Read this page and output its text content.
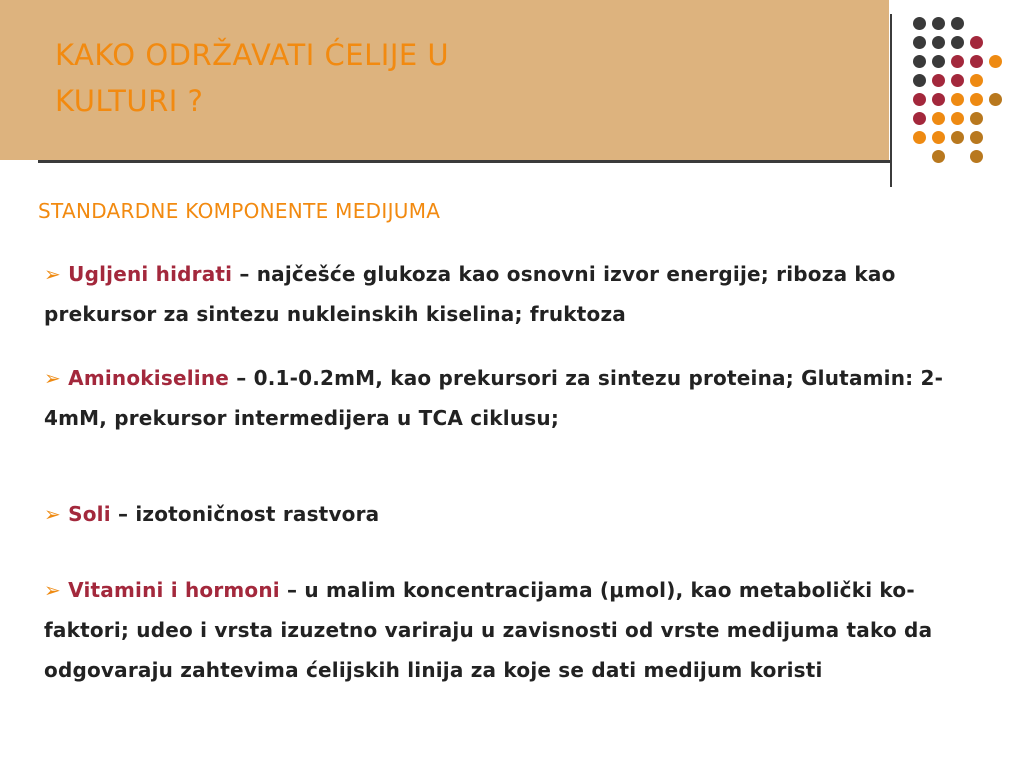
KAKO ODRŽAVATI ĆELIJE U
KULTURI ?
STANDARDNE KOMPONENTE MEDIJUMA

➢ Ugljeni hidrati – najčešće glukoza kao osnovni izvor energije; riboza kao prekursor za sintezu nukleinskih kiselina; fruktoza

➢ Aminokiseline – 0.1-0.2mM, kao prekursori za sintezu proteina; Glutamin: 2-4mM, prekursor intermedijera u TCA ciklusu;

➢ Soli – izotoničnost rastvora

➢ Vitamini i hormoni – u malim koncentracijama (μmol), kao metabolički ko-faktori; udeo i vrsta izuzetno variraju u zavisnosti od vrste medijuma tako da odgovaraju zahtevima ćelijskih linija za koje se dati medijum koristi
